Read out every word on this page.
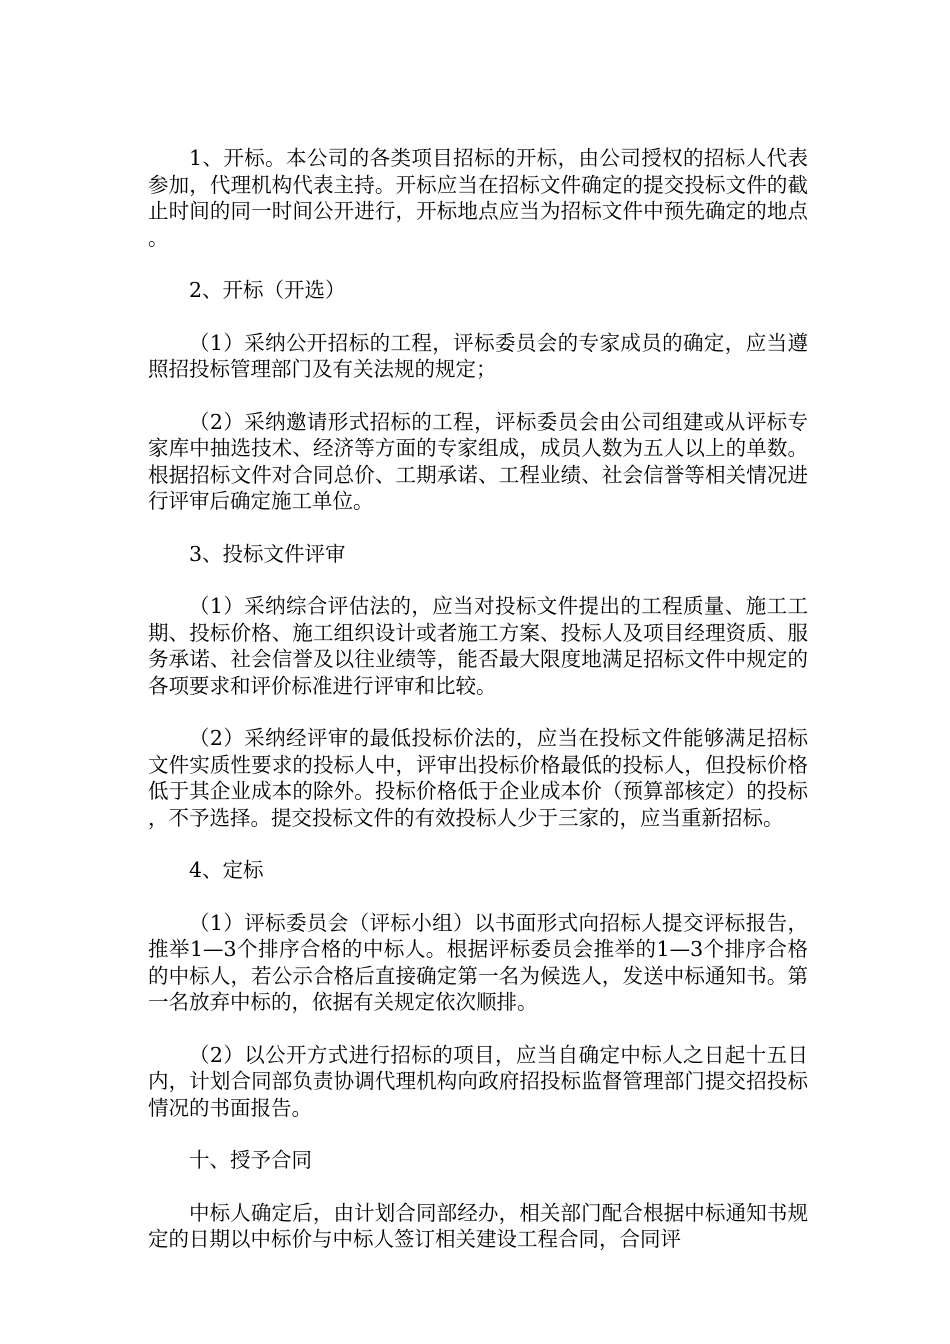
1、开标。本公司的各类项目招标的开标，由公司授权的招标人代表参加，代理机构代表主持。开标应当在招标文件确定的提交投标文件的截止时间的同一时间公开进行，开标地点应当为招标文件中预先确定的地点。

2、开标（开选）

（1）采纳公开招标的工程，评标委员会的专家成员的确定，应当遵照招投标管理部门及有关法规的规定；

（2）采纳邀请形式招标的工程，评标委员会由公司组建或从评标专家库中抽选技术、经济等方面的专家组成，成员人数为五人以上的单数。根据招标文件对合同总价、工期承诺、工程业绩、社会信誉等相关情况进行评审后确定施工单位。

3、投标文件评审

（1）采纳综合评估法的，应当对投标文件提出的工程质量、施工工期、投标价格、施工组织设计或者施工方案、投标人及项目经理资质、服务承诺、社会信誉及以往业绩等，能否最大限度地满足招标文件中规定的各项要求和评价标准进行评审和比较。

（2）采纳经评审的最低投标价法的，应当在投标文件能够满足招标文件实质性要求的投标人中，评审出投标价格最低的投标人，但投标价格低于其企业成本的除外。投标价格低于企业成本价（预算部核定）的投标，不予选择。提交投标文件的有效投标人少于三家的，应当重新招标。

4、定标

（1）评标委员会（评标小组）以书面形式向招标人提交评标报告，推举1—3个排序合格的中标人。根据评标委员会推举的1—3个排序合格的中标人，若公示合格后直接确定第一名为候选人，发送中标通知书。第一名放弃中标的，依据有关规定依次顺排。

（2）以公开方式进行招标的项目，应当自确定中标人之日起十五日内，计划合同部负责协调代理机构向政府招投标监督管理部门提交招投标情况的书面报告。

十、授予合同

中标人确定后，由计划合同部经办，相关部门配合根据中标通知书规定的日期以中标价与中标人签订相关建设工程合同，合同评
